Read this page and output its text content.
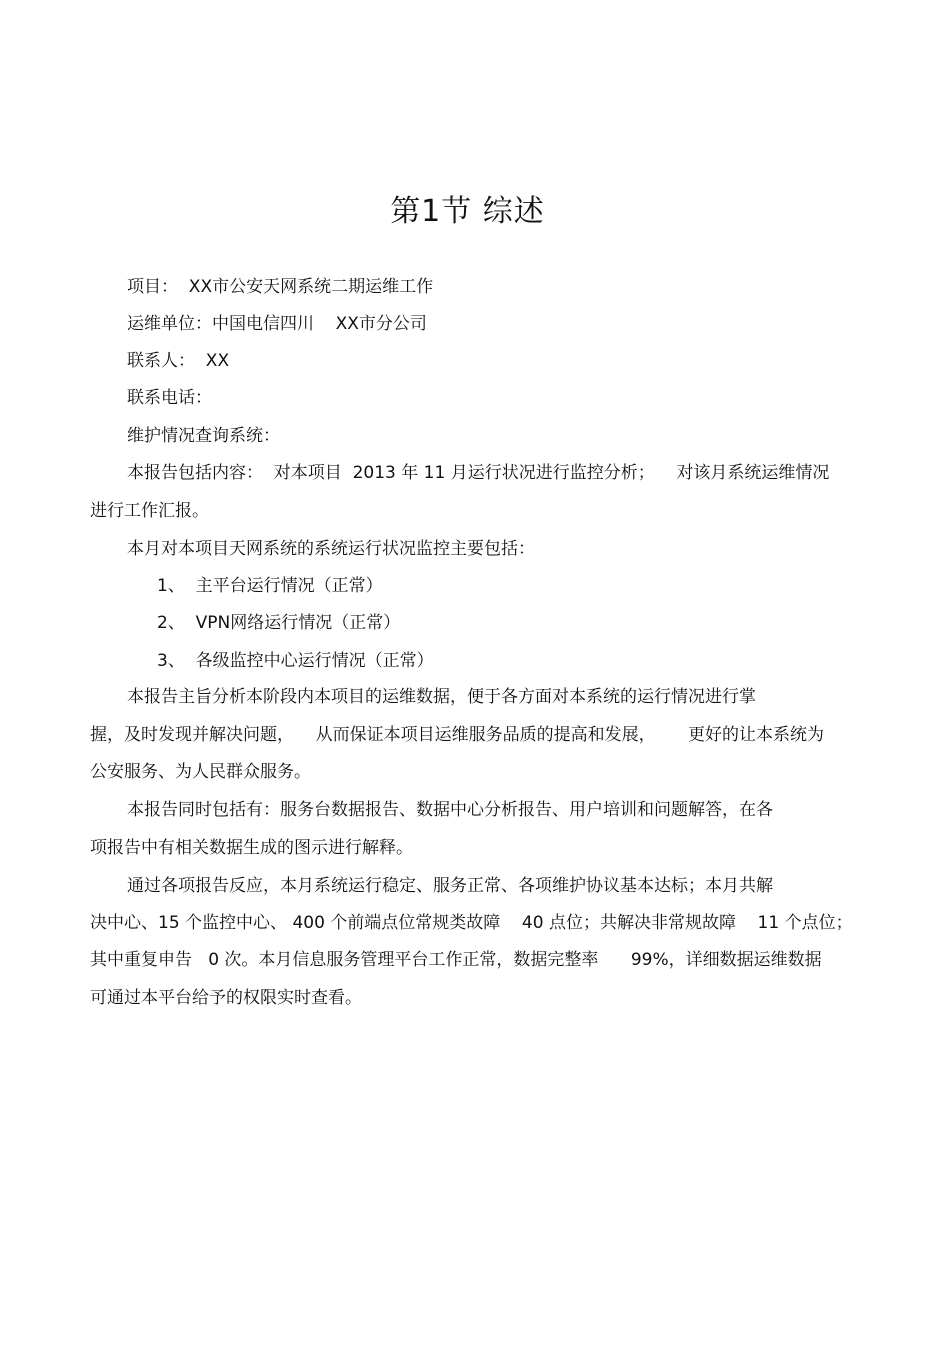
第1节 综述
项目：  XX市公安天网系统二期运维工作
运维单位：中国电信四川    XX市分公司
联系人：  XX
联系电话：
维护情况查询系统：
本报告包括内容：  对本项目  2013 年 11 月运行状况进行监控分析；    对该月系统运维情况
进行工作汇报。
本月对本项目天网系统的系统运行状况监控主要包括：
1、  主平台运行情况（正常）
2、  VPN网络运行情况（正常）
3、  各级监控中心运行情况（正常）
本报告主旨分析本阶段内本项目的运维数据，便于各方面对本系统的运行情况进行掌
握，及时发现并解决问题，    从而保证本项目运维服务品质的提高和发展，      更好的让本系统为
公安服务、为人民群众服务。
本报告同时包括有：服务台数据报告、数据中心分析报告、用户培训和问题解答，在各
项报告中有相关数据生成的图示进行解释。
通过各项报告反应，本月系统运行稳定、服务正常、各项维护协议基本达标；本月共解
决中心、15 个监控中心、 400 个前端点位常规类故障    40 点位；共解决非常规故障    11 个点位；
其中重复申告   0 次。本月信息服务管理平台工作正常，数据完整率      99%，详细数据运维数据
可通过本平台给予的权限实时查看。
